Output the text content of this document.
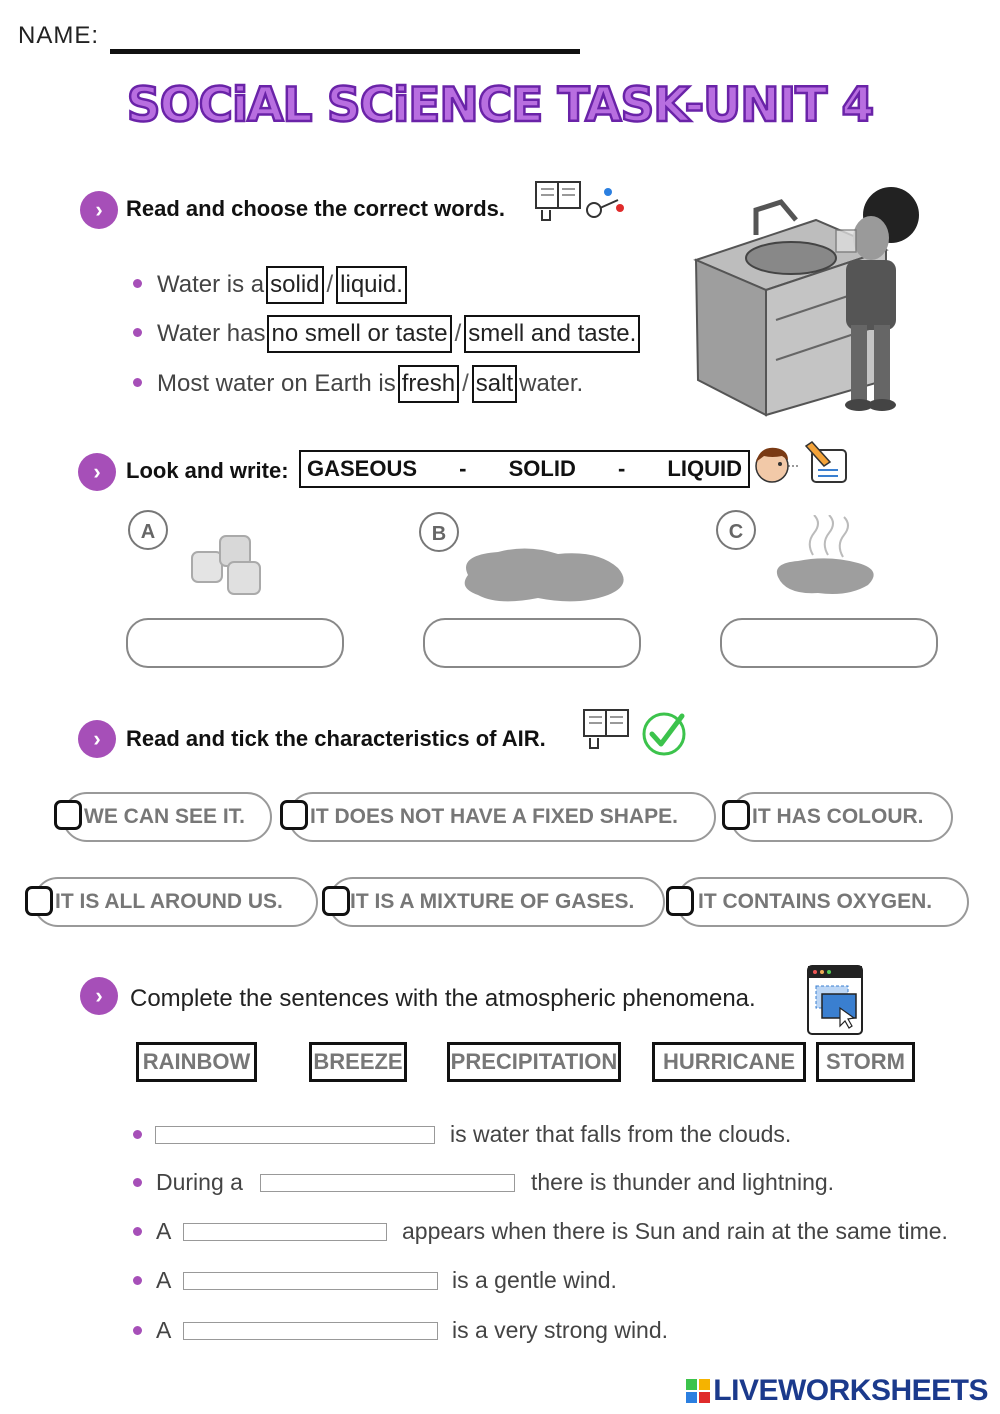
NAME:
SOCiAL SCiENCE TASK-UNIT 4
›	Read and choose the correct words.
Water is a solid / liquid.
Water has no smell or taste / smell and taste.
Most water on Earth is fresh / salt water.
›	Look and write: GASEOUS - SOLID - LIQUID
A	B	C
›	Read and tick the characteristics of AIR.
WE CAN SEE IT.	IT DOES NOT HAVE A FIXED SHAPE.	IT HAS COLOUR.
IT IS ALL AROUND US.	IT IS A MIXTURE OF GASES.	IT CONTAINS OXYGEN.
›	Complete the sentences with the atmospheric phenomena.
RAINBOW	BREEZE PRECIPITATION	HURRICANE	STORM
is water that falls from the clouds.
During a	there is thunder and lightning.
A	appears when there is Sun and rain at the same time.
A	is a gentle wind.
A	is a very strong wind.
LIVEWORKSHEETS
